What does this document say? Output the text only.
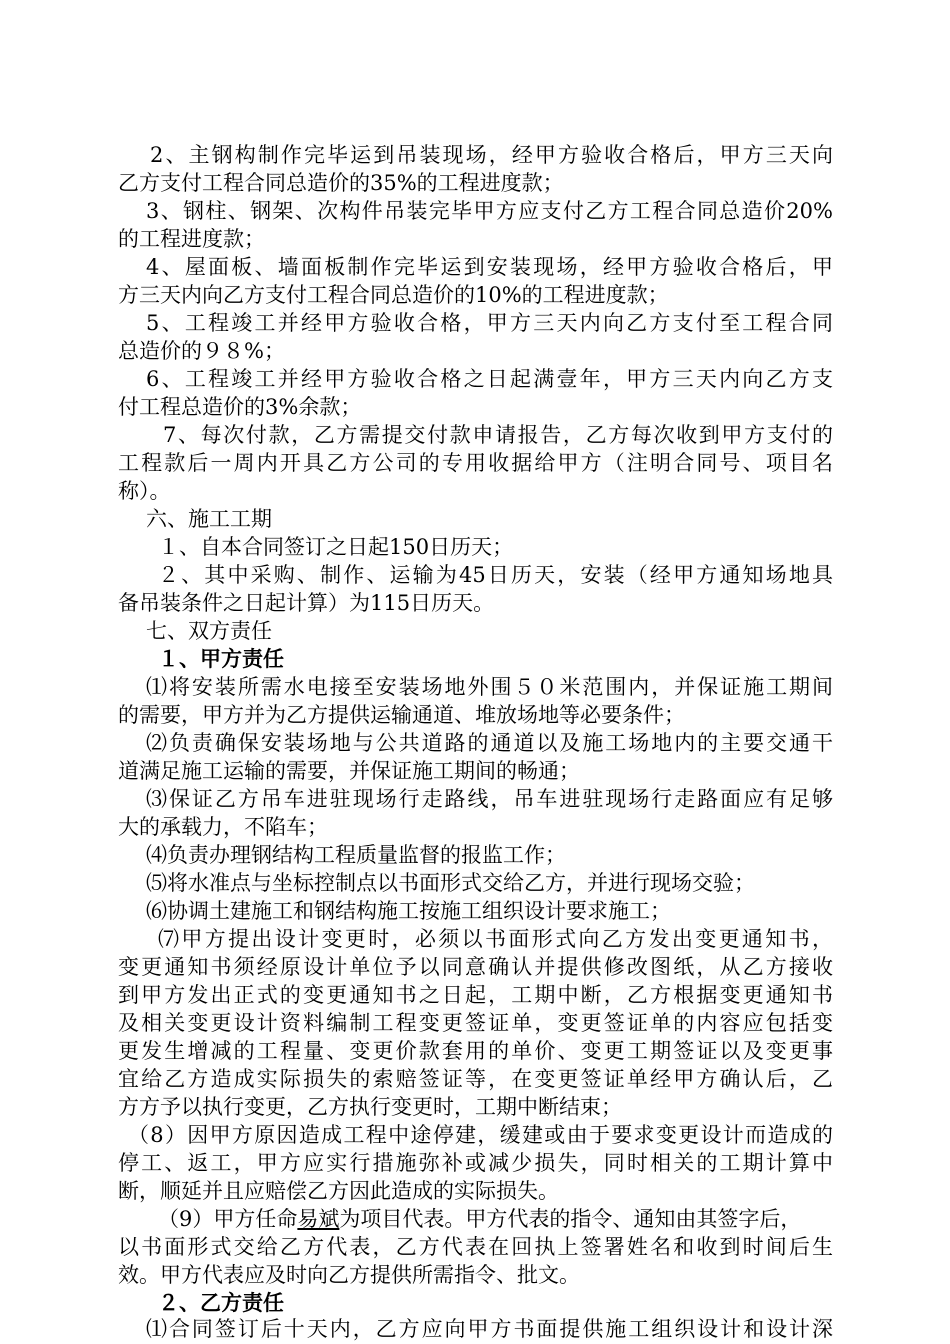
2、主钢构制作完毕运到吊装现场，经甲方验收合格后，甲方三天向
乙方支付工程合同总造价的35%的工程进度款；
3、钢柱、钢架、次构件吊装完毕甲方应支付乙方工程合同总造价20%
的工程进度款；
4、屋面板、墙面板制作完毕运到安装现场，经甲方验收合格后，甲
方三天内向乙方支付工程合同总造价的10%的工程进度款；
5、工程竣工并经甲方验收合格，甲方三天内向乙方支付至工程合同
总造价的９８%；
6、工程竣工并经甲方验收合格之日起满壹年，甲方三天内向乙方支
付工程总造价的3%余款；
7、每次付款，乙方需提交付款申请报告，乙方每次收到甲方支付的
工程款后一周内开具乙方公司的专用收据给甲方（注明合同号、项目名
称）。
六、施工工期
１、自本合同签订之日起150日历天；
２、其中采购、制作、运输为45日历天，安装（经甲方通知场地具
备吊装条件之日起计算）为115日历天。
七、双方责任
１、甲方责任
⑴将安装所需水电接至安装场地外围５０米范围内，并保证施工期间
的需要，甲方并为乙方提供运输通道、堆放场地等必要条件；
⑵负责确保安装场地与公共道路的通道以及施工场地内的主要交通干
道满足施工运输的需要，并保证施工期间的畅通；
⑶保证乙方吊车进驻现场行走路线，吊车进驻现场行走路面应有足够
大的承载力，不陷车；
⑷负责办理钢结构工程质量监督的报监工作；
⑸将水准点与坐标控制点以书面形式交给乙方，并进行现场交验；
⑹协调土建施工和钢结构施工按施工组织设计要求施工；
⑺甲方提出设计变更时，必须以书面形式向乙方发出变更通知书，
变更通知书须经原设计单位予以同意确认并提供修改图纸，从乙方接收
到甲方发出正式的变更通知书之日起，工期中断，乙方根据变更通知书
及相关变更设计资料编制工程变更签证单，变更签证单的内容应包括变
更发生增减的工程量、变更价款套用的单价、变更工期签证以及变更事
宜给乙方造成实际损失的索赔签证等，在变更签证单经甲方确认后，乙
方方予以执行变更，乙方执行变更时，工期中断结束；
（8）因甲方原因造成工程中途停建，缓建或由于要求变更设计而造成的
停工、返工，甲方应实行措施弥补或减少损失，同时相关的工期计算中
断，顺延并且应赔偿乙方因此造成的实际损失。
（9）甲方任命易斌为项目代表。甲方代表的指令、通知由其签字后，
以书面形式交给乙方代表，乙方代表在回执上签署姓名和收到时间后生
效。甲方代表应及时向乙方提供所需指令、批文。
２、乙方责任
⑴合同签订后十天内，乙方应向甲方书面提供施工组织设计和设计深
